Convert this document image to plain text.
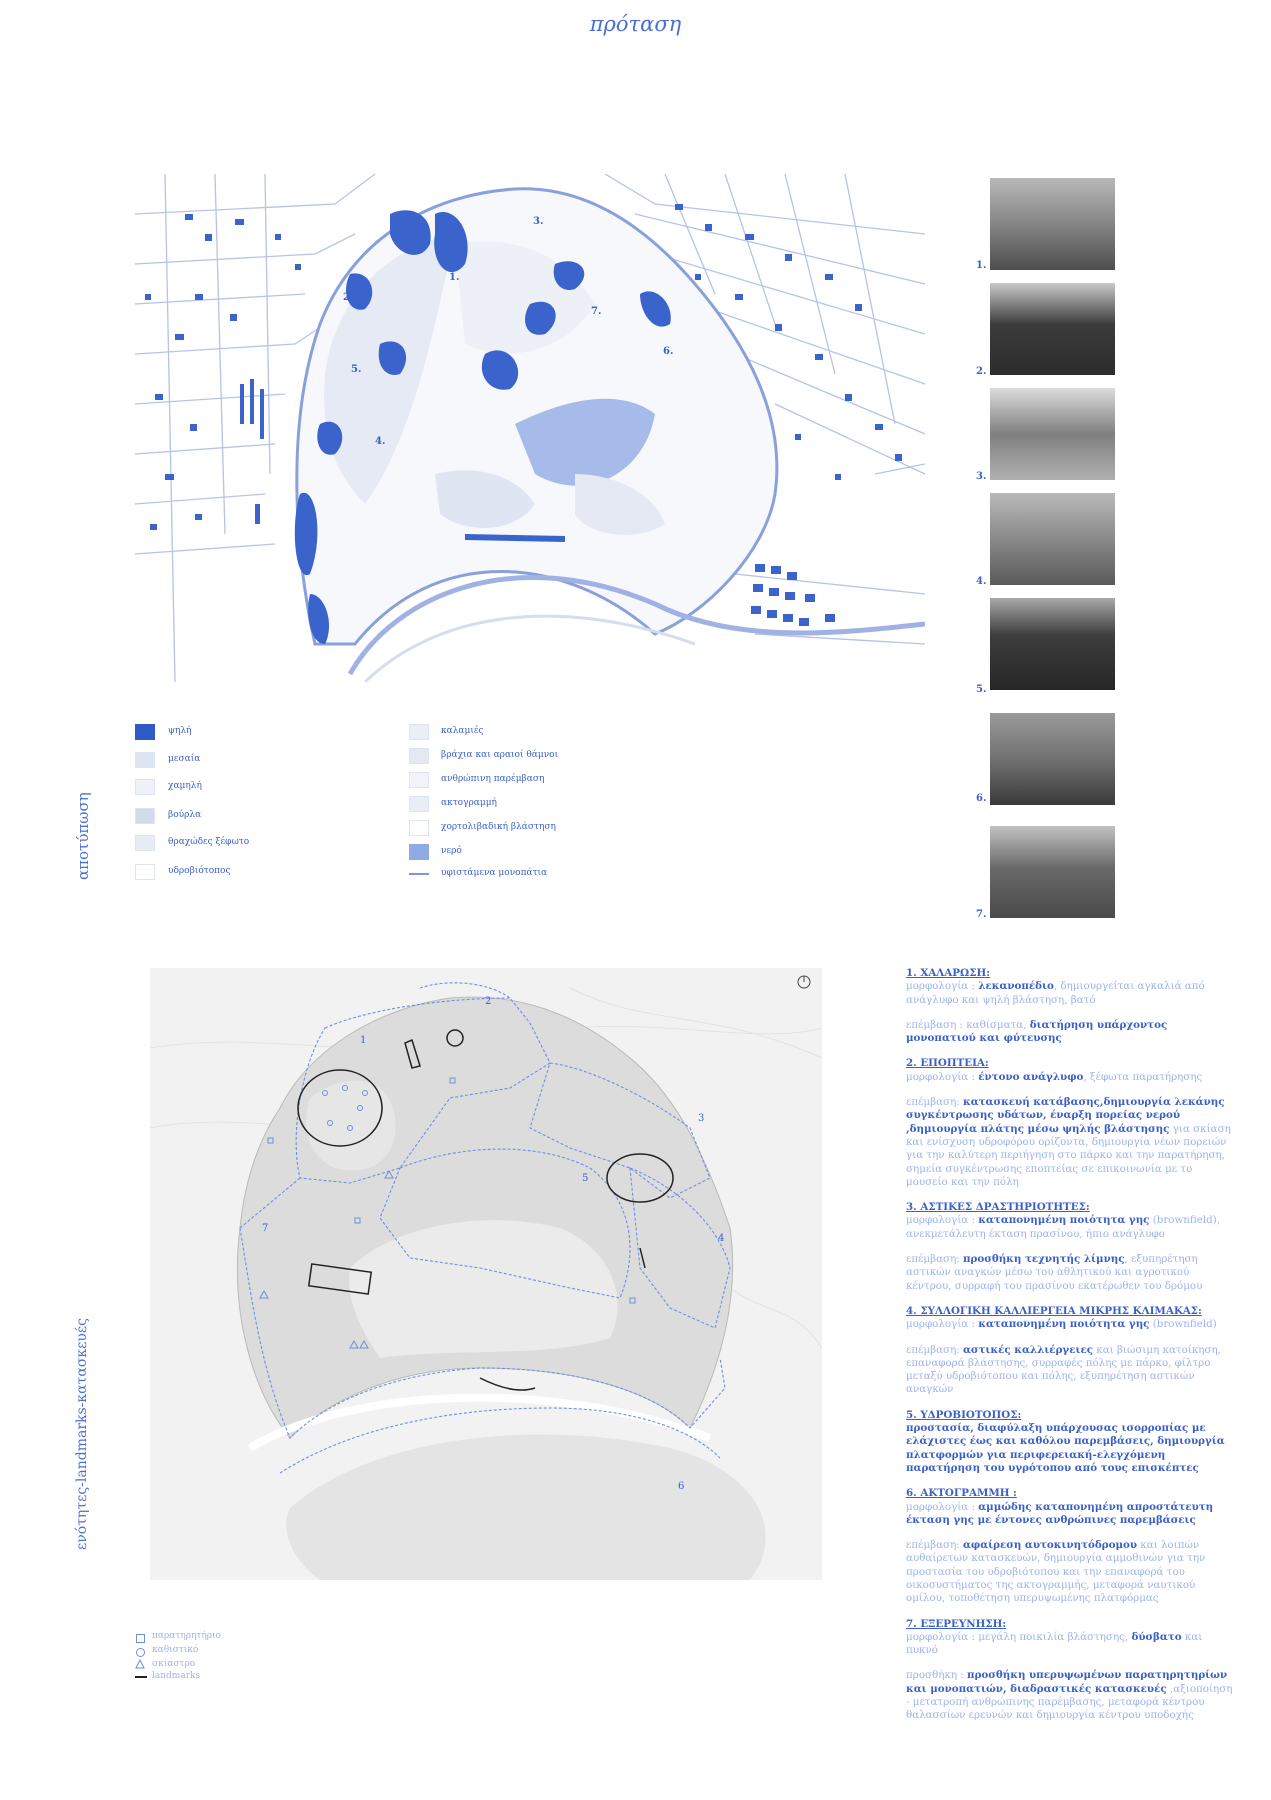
πρόταση
1.
2.
3.
4.
5.
6.
7.
1.
2.
3.
4.
5.
6.
7.
αποτύπωση
ψηλή
μεσαία
χαμηλή
βούρλα
θραχώδες ξέφωτο
υδροβιότοπος
καλαμιές
βράχια και αραιοί θάμνοι
ανθρώπινη παρέμβαση
ακτογραμμή
χορτολιβαδική βλάστηση
νερό
υφιστάμενα μονοπάτια
ενότητες-landmarks-κατασκευές
1
2
3
4
5
6
7
παρατηρητήριο
καθιστικό
σκίαστρο
landmarks

1. ΧΑΛΑΡΩΣΗ:
μορφολογία : λεκανοπέδιο, δημιουργείται αγκαλιά από ανάγλυφο και ψηλή βλάστηση, βατό

επέμβαση : καθίσματα, διατήρηση υπάρχοντος μονοπατιού και φύτευσης

2. ΕΠΟΠΤΕΙΑ:
μορφολογία : έντονο ανάγλυφο, ξέφωτα παρατήρησης

επέμβαση: κατασκευή κατάβασης,δημιουργία λεκάνης συγκέντρωσης υδάτων, έναρξη πορείας νερού ,δημιουργία πλάτης μέσω ψηλής βλάστησης για σκίαση και ενίσχυση υδροφόρου ορίζοντα, δημιουργία νέων πορειών για την καλύτερη περιήγηση στο πάρκο και την παρατήρηση, σημεία συγκέντρωσης εποπτείας σε επικοινωνία με το μουσείο και την πόλη

3. ΑΣΤΙΚΕΣ ΔΡΑΣΤΗΡΙΟΤΗΤΕΣ:
μορφολογία : καταπονημένη ποιότητα γης (brownfield), ανεκμετάλευτη έκταση πρασίνου, ήπιο ανάγλυφο

επέμβαση: προσθήκη τεχνητής λίμνης, εξυπηρέτηση αστικών αναγκών μέσω του αθλητικού και αγροτικού κέντρου, συρραφή του πρασίνου εκατέρωθεν του δρόμου

4. ΣΥΛΛΟΓΙΚΗ ΚΑΛΛΙΕΡΓΕΙΑ ΜΙΚΡΗΣ ΚΛΙΜΑΚΑΣ:
μορφολογία : καταπονημένη ποιότητα γης (brownfield)

επέμβαση: αστικές καλλιέργειες και βιώσιμη κατοίκηση, επαναφορά βλάστησης, συρραφές πόλης με πάρκο, φίλτρο μεταξύ υδροβιότοπου και πόλης, εξυπηρέτηση αστικών αναγκών

5. ΥΔΡΟΒΙΟΤΟΠΟΣ:
προστασία, διαφύλαξη υπάρχουσας ισορροπίας με ελάχιστες έως και καθόλου παρεμβάσεις, δημιουργία πλατφορμών για περιφερειακή-ελεγχόμενη παρατήρηση του υγρότοπου από τους επισκέπτες

6. ΑΚΤΟΓΡΑΜΜΗ :
μορφολογία : αμμώδης καταπονημένη απροστάτευτη έκταση γης με έντονες ανθρώπινες παρεμβάσεις

επέμβαση: αφαίρεση αυτοκινητόδρομου και λοιπών αυθαίρετων κατασκευών, δημιουργία αμμοθινών για την προστασία του υδροβιότοπου και την επαναφορά του οικοσυστήματος της ακτογραμμής, μεταφορά ναυτικού ομίλου, τοποθέτηση υπερυψωμένης πλατφόρμας

7. ΕΞΕΡΕΥΝΗΣΗ:
μορφολογία : μεγάλη ποικιλία βλάστησης, δύσβατο και πυκνό

προσθήκη : προσθήκη υπερυψωμένων παρατηρητηρίων και μονοπατιών, διαδραστικές κατασκευές ,αξιοποίηση - μετατροπή ανθρώπινης παρέμβασης, μεταφορά κέντρου θαλασσίων ερευνών και δημιουργία κέντρου υποδοχής
